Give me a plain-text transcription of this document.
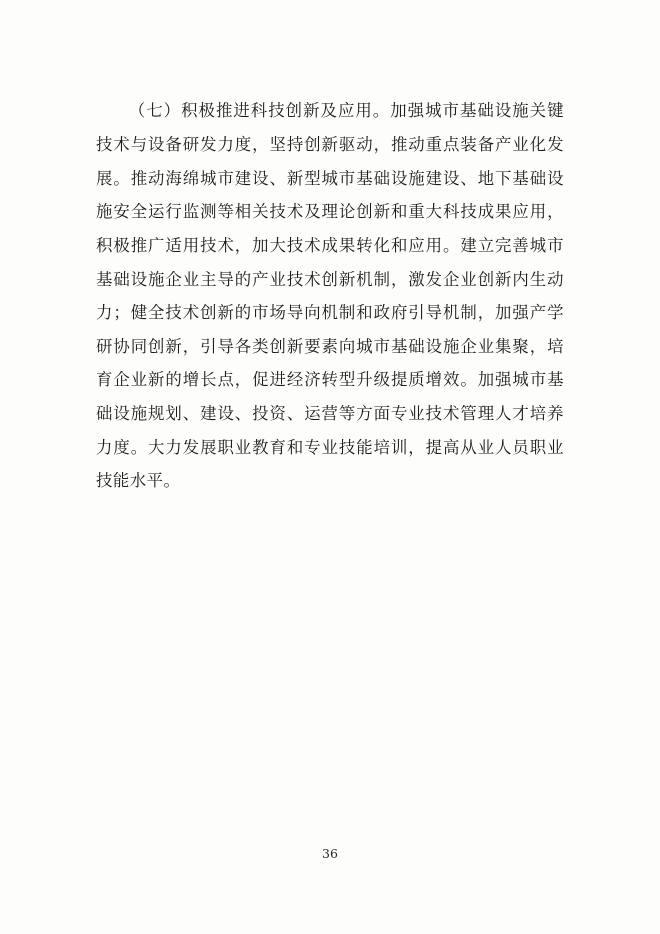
（七）积极推进科技创新及应用。加强城市基础设施关键技术与设备研发力度，坚持创新驱动，推动重点装备产业化发展。推动海绵城市建设、新型城市基础设施建设、地下基础设施安全运行监测等相关技术及理论创新和重大科技成果应用，积极推广适用技术，加大技术成果转化和应用。建立完善城市基础设施企业主导的产业技术创新机制，激发企业创新内生动力；健全技术创新的市场导向机制和政府引导机制，加强产学研协同创新，引导各类创新要素向城市基础设施企业集聚，培育企业新的增长点，促进经济转型升级提质增效。加强城市基础设施规划、建设、投资、运营等方面专业技术管理人才培养力度。大力发展职业教育和专业技能培训，提高从业人员职业技能水平。

36
